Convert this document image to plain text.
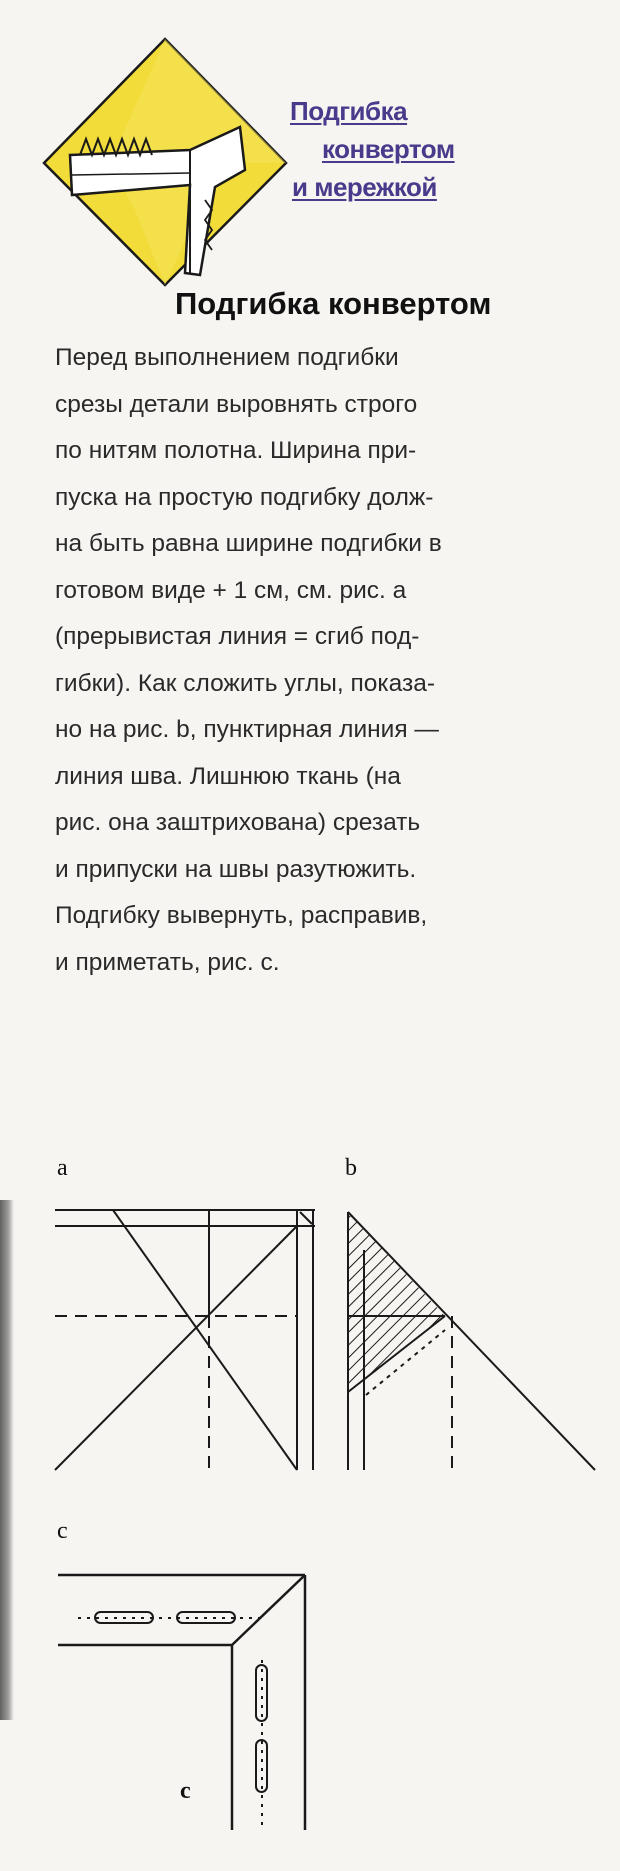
Подгибка
конвертом
и мережкой
Подгибка конвертом
Перед выполнением подгибки
срезы детали выровнять строго
по нитям полотна. Ширина при-
пуска на простую подгибку долж-
на быть равна ширине подгибки в
готовом виде + 1 см, см. рис. а
(прерывистая линия = сгиб под-
гибки). Как сложить углы, показа-
но на рис. b, пунктирная линия —
линия шва. Лишнюю ткань (на
рис. она заштрихована) срезать
и припуски на швы разутюжить.
Подгибку вывернуть, расправив,
и приметать, рис. с.
a	b
c
c
